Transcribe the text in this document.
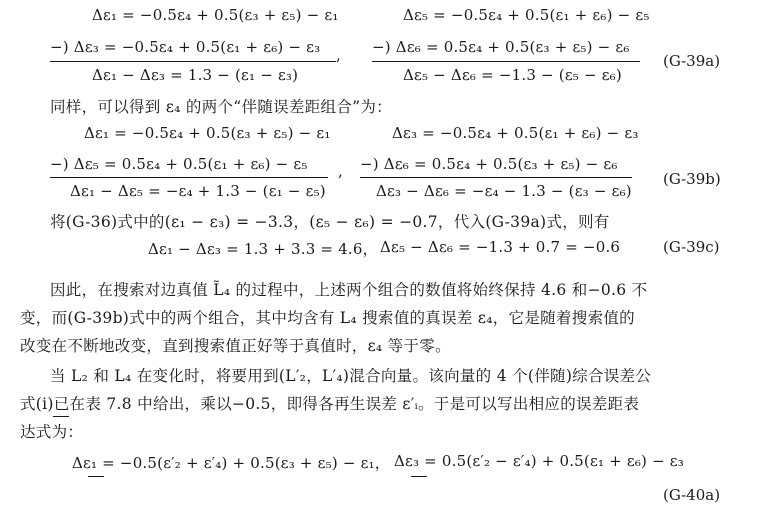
Δε₁ = −0.5ε₄ + 0.5(ε₃ + ε₅) − ε₁
−) Δε₃ = −0.5ε₄ + 0.5(ε₁ + ε₆) − ε₃
Δε₁ − Δε₃ = 1.3 − (ε₁ − ε₃)
,
Δε₅ = −0.5ε₄ + 0.5(ε₁ + ε₆) − ε₅
−) Δε₆ = 0.5ε₄ + 0.5(ε₃ + ε₅) − ε₆
Δε₅ − Δε₆ = −1.3 − (ε₅ − ε₆)
(G-39a)
同样，可以得到 ε₄ 的两个“伴随误差距组合”为：
Δε₁ = −0.5ε₄ + 0.5(ε₃ + ε₅) − ε₁
−) Δε₅ = 0.5ε₄ + 0.5(ε₁ + ε₆) − ε₅
Δε₁ − Δε₅ = −ε₄ + 1.3 − (ε₁ − ε₅)
,
Δε₃ = −0.5ε₄ + 0.5(ε₁ + ε₆) − ε₃
−) Δε₆ = 0.5ε₄ + 0.5(ε₃ + ε₅) − ε₆
Δε₃ − Δε₆ = −ε₄ − 1.3 − (ε₃ − ε₆)
(G-39b)
将(G-36)式中的(ε₁ − ε₃) = −3.3，(ε₅ − ε₆) = −0.7，代入(G-39a)式，则有
Δε₁ − Δε₃ = 1.3 + 3.3 = 4.6， Δε₅ − Δε₆ = −1.3 + 0.7 = −0.6	(G-39c)
因此，在搜索对边真值 L̃₄ 的过程中，上述两个组合的数值将始终保持 4.6 和−0.6 不
变，而(G-39b)式中的两个组合，其中均含有 L₄ 搜索值的真误差 ε₄，它是随着搜索值的
改变在不断地改变，直到搜索值正好等于真值时，ε₄ 等于零。
当 L₂ 和 L₄ 在变化时，将要用到(L′₂，L′₄)混合向量。该向量的 4 个(伴随)综合误差公
式(i)已在表 7.8 中给出，乘以−0.5，即得各再生误差 ε′ᵢ。于是可以写出相应的误差距表
达式为：
Δε₁ = −0.5(ε′₂ + ε′₄) + 0.5(ε₃ + ε₅) − ε₁， Δε₃ = 0.5(ε′₂ − ε′₄) + 0.5(ε₁ + ε₆) − ε₃
(G-40a)
